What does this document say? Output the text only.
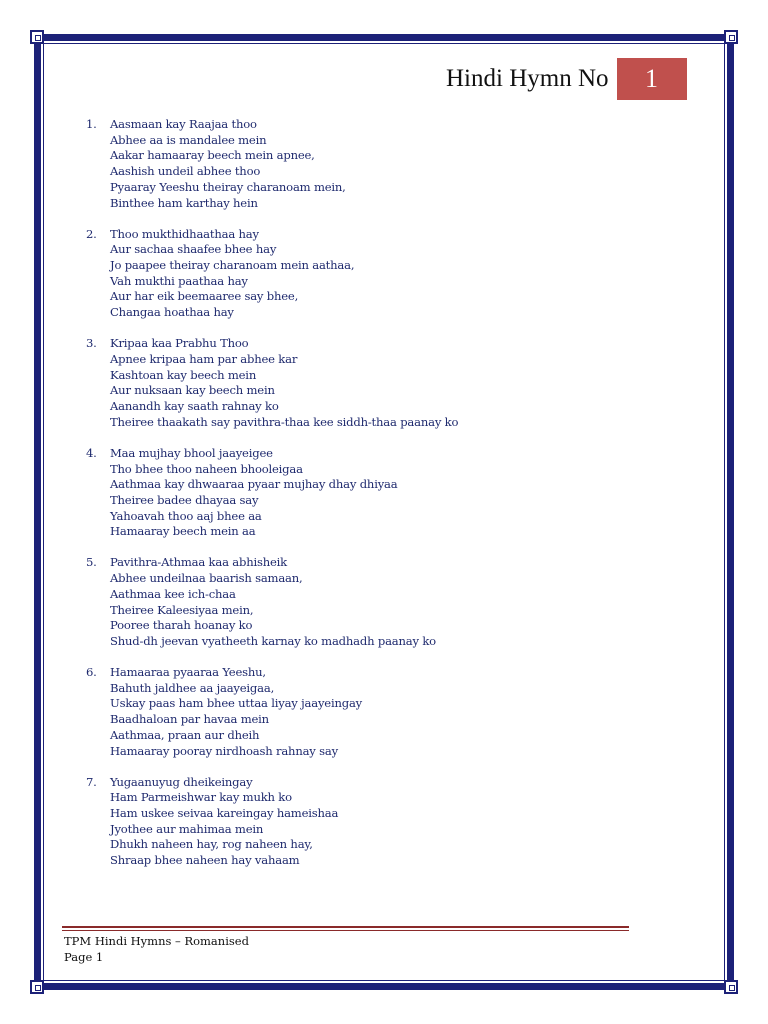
Hindi Hymn No	1
1.	Aasmaan kay Raajaa thoo
Abhee aa is mandalee mein
Aakar hamaaray beech mein apnee,
Aashish undeil abhee thoo
Pyaaray Yeeshu theiray charanoam mein,
Binthee ham karthay hein
2.	Thoo mukthidhaathaa hay
Aur sachaa shaafee bhee hay
Jo paapee theiray charanoam mein aathaa,
Vah mukthi paathaa hay
Aur har eik beemaaree say bhee,
Changaa hoathaa hay
3.	Kripaa kaa Prabhu Thoo
Apnee kripaa ham par abhee kar
Kashtoan kay beech mein
Aur nuksaan kay beech mein
Aanandh kay saath rahnay ko
Theiree thaakath say pavithra-thaa kee siddh-thaa paanay ko
4.	Maa mujhay bhool jaayeigee
Tho bhee thoo naheen bhooleigaa
Aathmaa kay dhwaaraa pyaar mujhay dhay dhiyaa
Theiree badee dhayaa say
Yahoavah thoo aaj bhee aa
Hamaaray beech mein aa
5.	Pavithra-Athmaa kaa abhisheik
Abhee undeilnaa baarish samaan,
Aathmaa kee ich-chaa
Theiree Kaleesiyaa mein,
Pooree tharah hoanay ko
Shud-dh jeevan vyatheeth karnay ko madhadh paanay ko
6.	Hamaaraa pyaaraa Yeeshu,
Bahuth jaldhee aa jaayeigaa,
Uskay paas ham bhee uttaa liyay jaayeingay
Baadhaloan par havaa mein
Aathmaa, praan aur dheih
Hamaaray pooray nirdhoash rahnay say
7.	Yugaanuyug dheikeingay
Ham Parmeishwar kay mukh ko
Ham uskee seivaa kareingay hameishaa
Jyothee aur mahimaa mein
Dhukh naheen hay, rog naheen hay,
Shraap bhee naheen hay vahaam
TPM Hindi Hymns – Romanised
Page 1
